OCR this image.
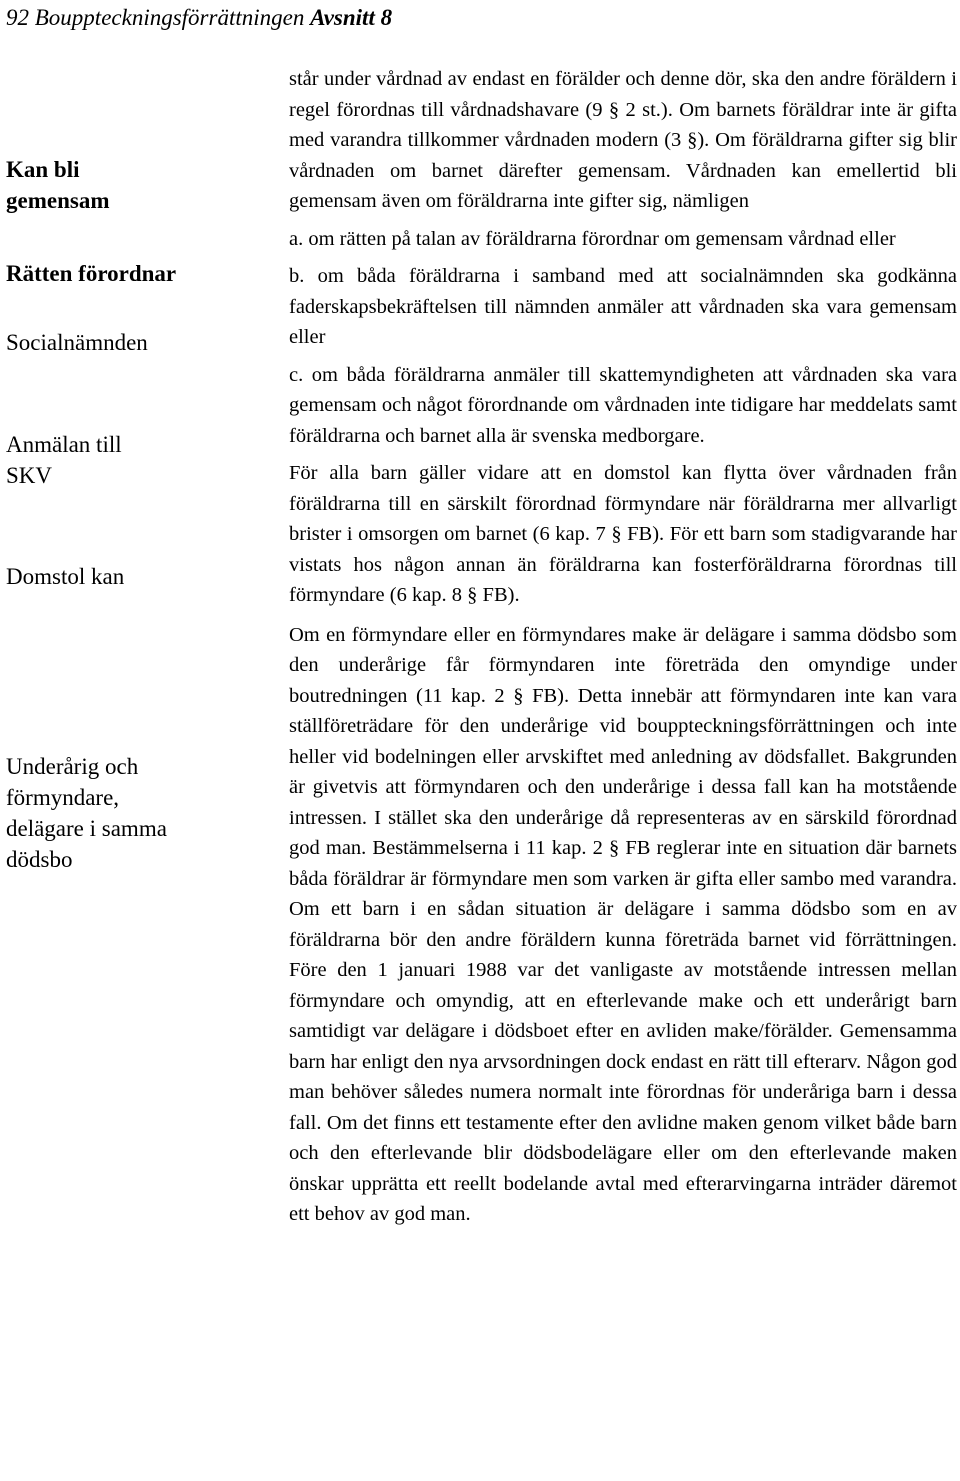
92 Bouppteckningsförrättningen Avsnitt 8
Kan bli gemensam
Rätten förordnar
Socialnämnden
Anmälan till SKV
Domstol kan
Underårig och förmyndare, delägare i samma dödsbo

står under vårdnad av endast en förälder och denne dör, ska den andre föräldern i regel förordnas till vårdnadshavare (9 § 2 st.). Om barnets föräldrar inte är gifta med varandra tillkommer vårdnaden modern (3 §). Om föräldrarna gifter sig blir vårdnaden om barnet därefter gemensam. Vårdnaden kan emellertid bli gemensam även om föräldrarna inte gifter sig, nämligen

a. om rätten på talan av föräldrarna förordnar om gemensam vårdnad eller

b. om båda föräldrarna i samband med att socialnämnden ska godkänna faderskapsbekräftelsen till nämnden anmäler att vårdnaden ska vara gemensam eller

c. om båda föräldrarna anmäler till skattemyndigheten att vårdnaden ska vara gemensam och något förordnande om vårdnaden inte tidigare har meddelats samt föräldrarna och barnet alla är svenska medborgare.

För alla barn gäller vidare att en domstol kan flytta över vårdnaden från föräldrarna till en särskilt förordnad förmyndare när föräldrarna mer allvarligt brister i omsorgen om barnet (6 kap. 7 § FB). För ett barn som stadigvarande har vistats hos någon annan än föräldrarna kan fosterföräldrarna förordnas till förmyndare (6 kap. 8 § FB).

Om en förmyndare eller en förmyndares make är delägare i samma dödsbo som den underårige får förmyndaren inte företräda den omyndige under boutredningen (11 kap. 2 § FB). Detta innebär att förmyndaren inte kan vara ställföreträdare för den underårige vid bouppteckningsförrättningen och inte heller vid bodelningen eller arvskiftet med anledning av dödsfallet. Bakgrunden är givetvis att förmyndaren och den underårige i dessa fall kan ha motstående intressen. I stället ska den underårige då representeras av en särskild förordnad god man. Bestämmelserna i 11 kap. 2 § FB reglerar inte en situation där barnets båda föräldrar är förmyndare men som varken är gifta eller sambo med varandra. Om ett barn i en sådan situation är delägare i samma dödsbo som en av föräldrarna bör den andre föräldern kunna företräda barnet vid förrättningen. Före den 1 januari 1988 var det vanligaste av motstående intressen mellan förmyndare och omyndig, att en efterlevande make och ett underårigt barn samtidigt var delägare i dödsboet efter en avliden make/förälder. Gemensamma barn har enligt den nya arvsordningen dock endast en rätt till efterarv. Någon god man behöver således numera normalt inte förordnas för underåriga barn i dessa fall. Om det finns ett testamente efter den avlidne maken genom vilket både barn och den efterlevande blir dödsbodelägare eller om den efterlevande maken önskar upprätta ett reellt bodelande avtal med efterarvingarna inträder däremot ett behov av god man.
